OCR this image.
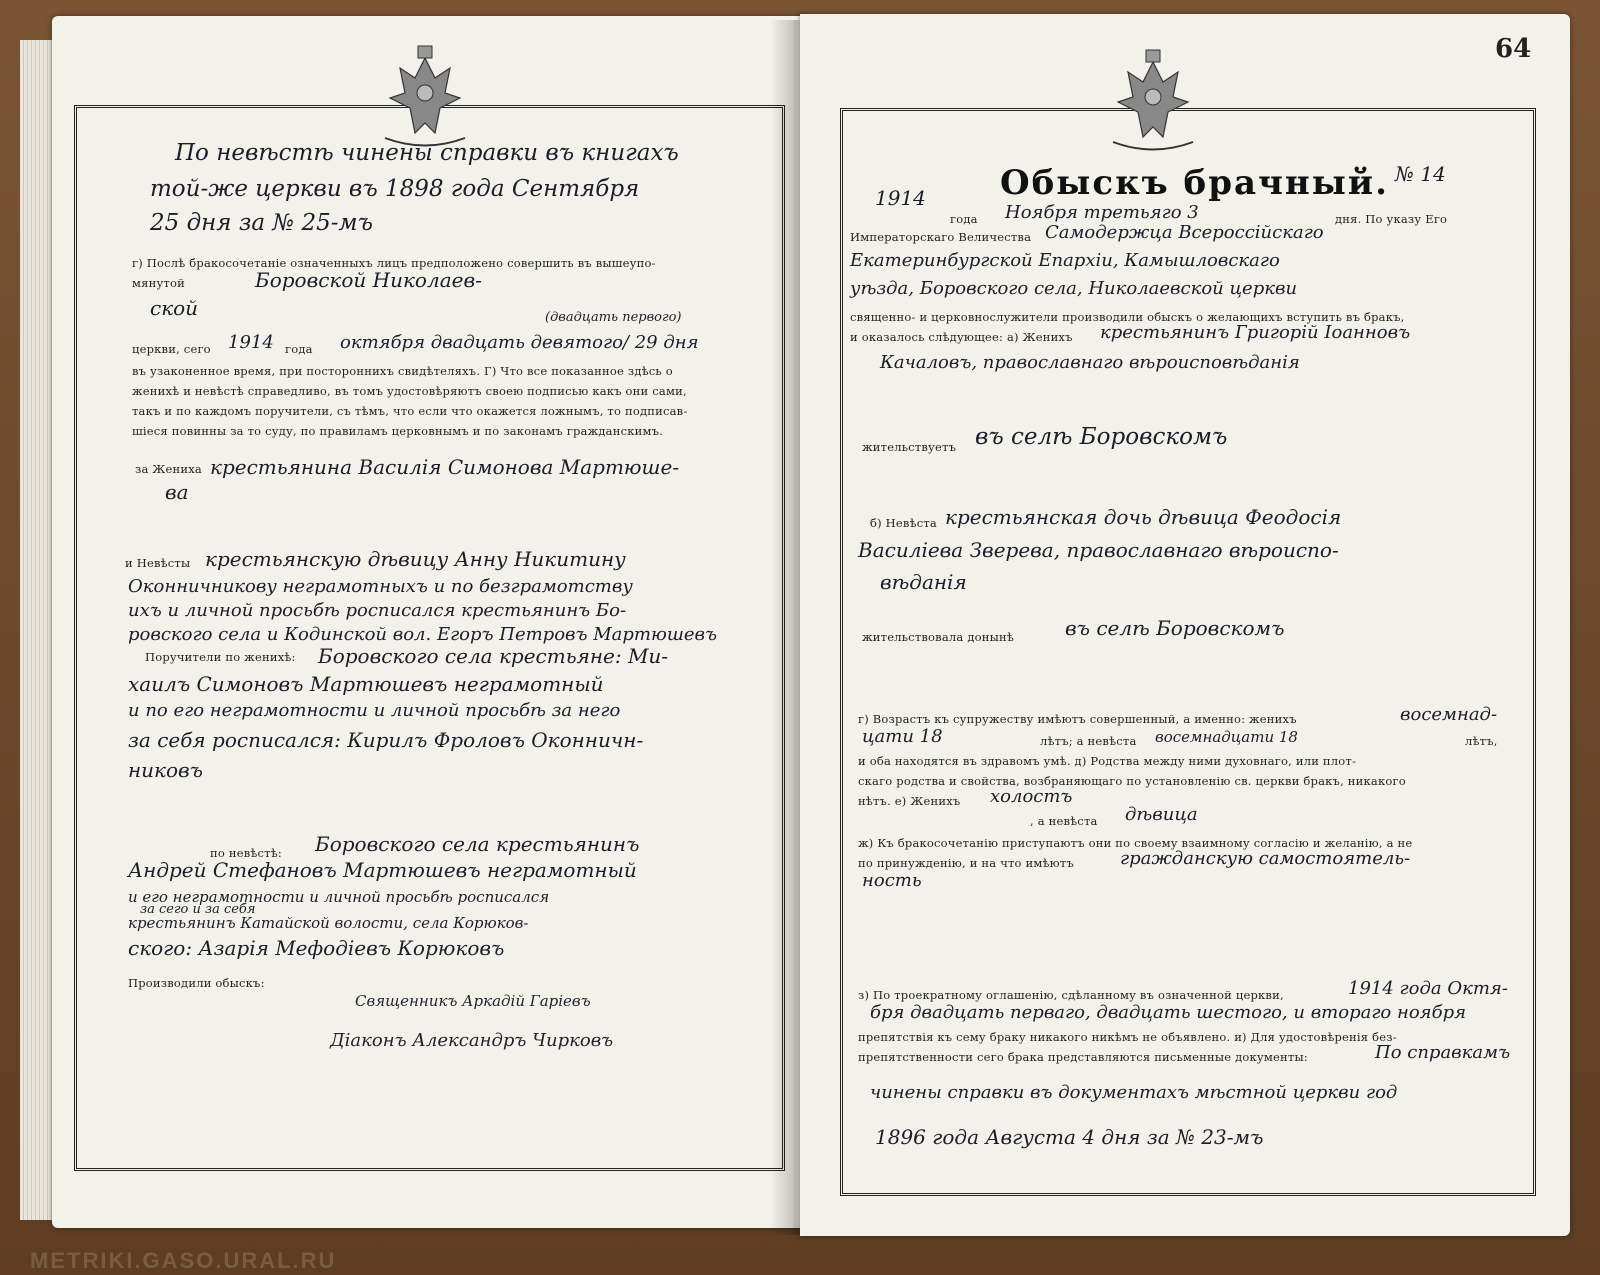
По невѣстѣ чинены справки въ книгахъ
той-же церкви въ 1898 года Сентября
25 дня за № 25-мъ
г) Послѣ бракосочетаніе означенныхъ лицъ предположено совершить въ вышеупо-
мянутой	Боровской Николаев-
ской
церкви, сего 1914 года октября двадцать девятого/ 29 дня
(двадцать первого)
въ узаконенное время, при постороннихъ свидѣтеляхъ. Г) Что все показанное здѣсь о
женихѣ и невѣстѣ справедливо, въ томъ удостовѣряютъ своею подписью какъ они сами,
такъ и по каждомъ поручители, съ тѣмъ, что если что окажется ложнымъ, то подписав-
шiеся повинны за то суду, по правиламъ церковнымъ и по законамъ гражданскимъ.
за Жениха крестьянина Василія Симонова Мартюше-
ва
и Невѣсты крестьянскую дѣвицу Анну Никитину
Оконничникову неграмотныхъ и по безграмотству
ихъ и личной просьбѣ росписался крестьянинъ Бо-
ровского села и Кодинской вол. Егоръ Петровъ Мартюшевъ
Поручители по женихѣ: Боровского села крестьяне: Ми-
хаилъ Симоновъ Мартюшевъ неграмотный
и по его неграмотности и личной просьбѣ за него
за себя росписался: Кирилъ Фроловъ Оконничн-
никовъ
по невѣстѣ: Боровского села крестьянинъ
Андрей Стефановъ Мартюшевъ неграмотный
и его неграмотности и личной просьбѣ росписался
крестьянинъ Катайской волости, села Корюков-
ского: Азарія Мефодіевъ Корюковъ
за сего и за себя
Производили обыскъ:
Священникъ Аркадій Гаріевъ
Діаконъ Александръ Чирковъ
64
Обыскъ брачный. № 14
1914
года Ноября третьяго 3	дня. По указу Его
Императорскаго Величества Самодержца Всероссійскаго
Екатеринбургской Епархіи, Камышловскаго
уѣзда, Боровского села, Николаевской церкви
священно- и церковнослужители производили обыскъ о желающихъ вступить въ бракъ,
и оказалось слѣдующее: а) Женихъ крестьянинъ Григорій Іоанновъ
Качаловъ, православнаго вѣроисповѣданія
жительствуетъ въ селѣ Боровскомъ
б) Невѣста крестьянская дочь дѣвица Феодосія
Василіева Зверева, православнаго вѣроиспо-
вѣданія
жительствовала донынѣ	въ селѣ Боровскомъ
г) Возрастъ къ супружеству имѣютъ совершенный, а именно: женихъ	восемнад-
цати 18	лѣтъ; а невѣста восемнадцати 18	лѣтъ,
и оба находятся въ здравомъ умѣ. д) Родства между ними духовнаго, или плот-
скаго родства и свойства, возбраняющаго по установленію св. церкви бракъ, никакого
нѣтъ. е) Женихъ холостъ
, а невѣста дѣвица
ж) Къ бракосочетанію приступаютъ они по своему взаимному согласію и желанію, а не
по принужденію, и на что имѣютъ	гражданскую самостоятель-
ность
з) По троекратному оглашенію, сдѣланному въ означенной церкви,	1914 года Октя-
бря двадцать перваго, двадцать шестого, и втораго ноября
препятствія къ сему браку никакого никѣмъ не объявлено. и) Для удостовѣренія без-
препятственности сего брака представляются письменные документы:	По справкамъ
чинены справки въ документахъ мѣстной церкви год
1896 года Августа 4 дня за № 23-мъ
METRIKI.GASO.URAL.RU
